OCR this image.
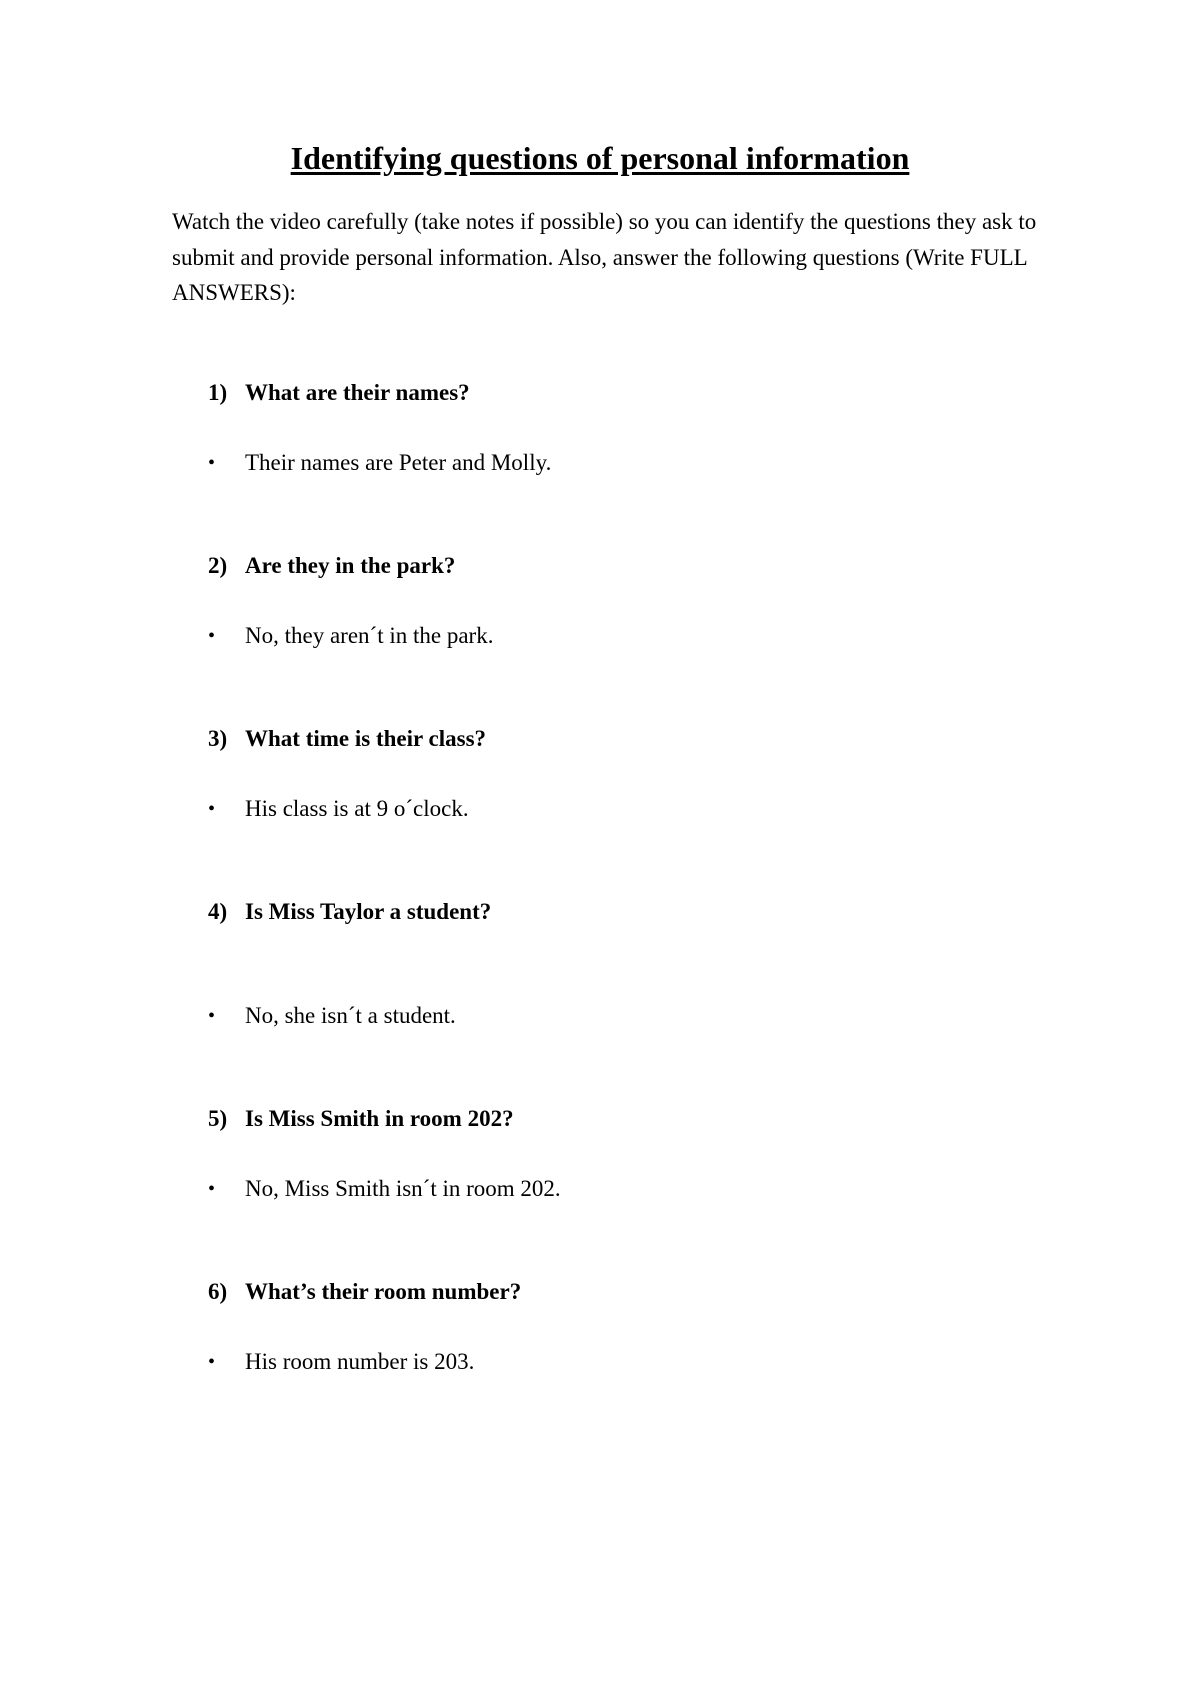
Identifying questions of personal information

Watch the video carefully (take notes if possible) so you can identify the questions they ask to submit and provide personal information. Also, answer the following questions (Write FULL ANSWERS):

1) What are their names?

• Their names are Peter and Molly.

2) Are they in the park?

• No, they aren´t in the park.

3) What time is their class?

• His class is at 9 o´clock.

4) Is Miss Taylor a student?

• No, she isn´t a student.

5) Is Miss Smith in room 202?

• No, Miss Smith isn´t in room 202.

6) What’s their room number?

• His room number is 203.
